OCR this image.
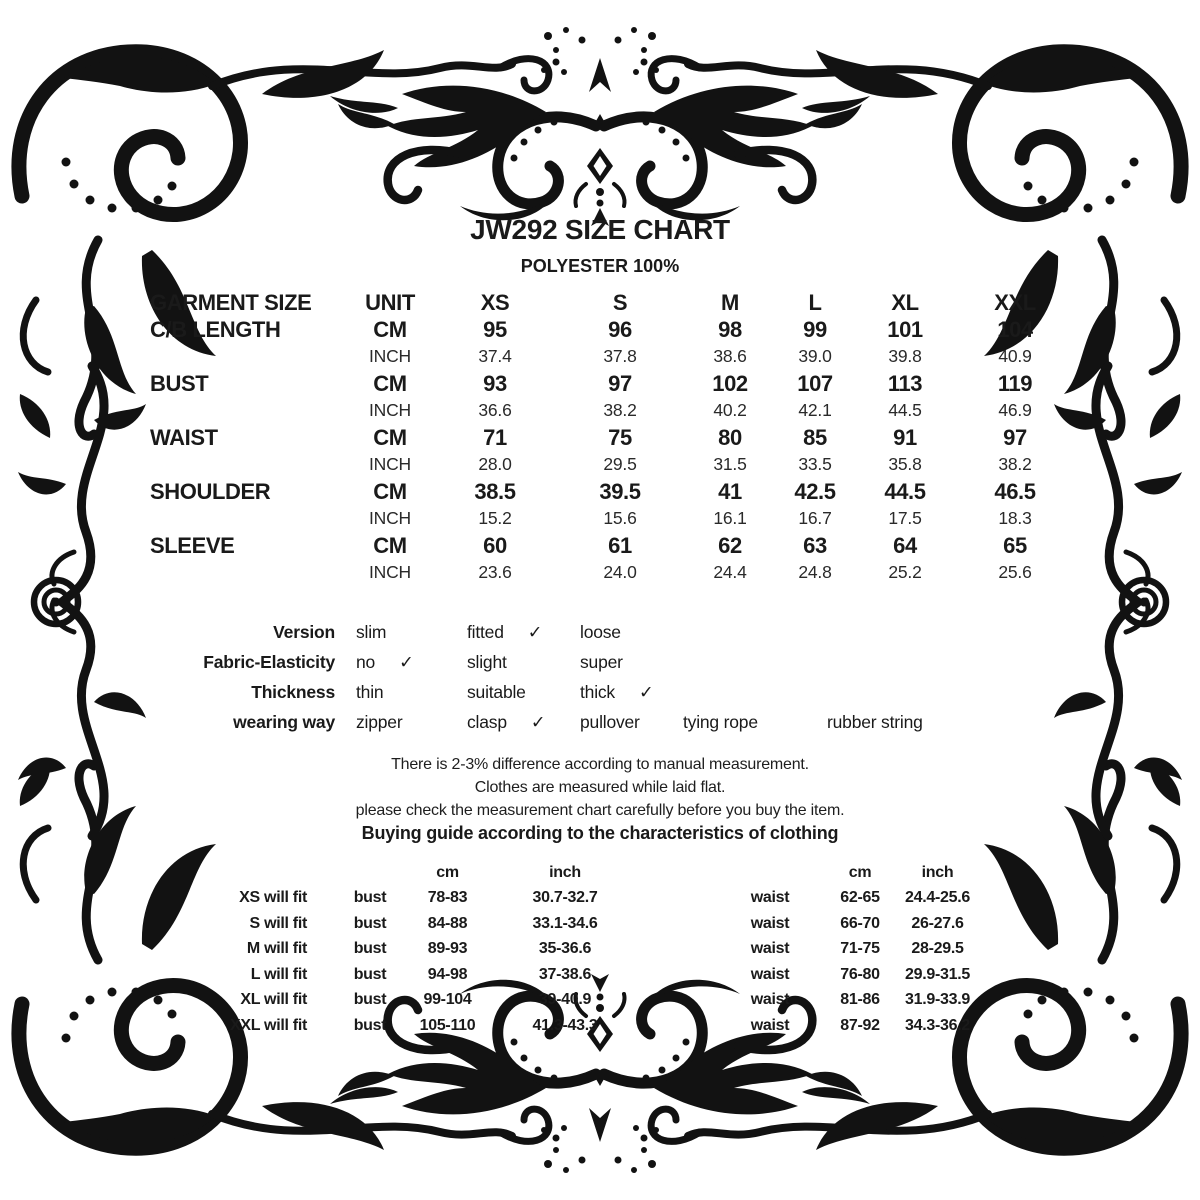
JW292 SIZE CHART
POLYESTER 100%
GARMENT SIZE	UNIT	XS	S	M	L	XL	XXL
C/B LENGTH	CM	95	96	98	99	101	104
	INCH	37.4	37.8	38.6	39.0	39.8	40.9
BUST	CM	93	97	102	107	113	119
	INCH	36.6	38.2	40.2	42.1	44.5	46.9
WAIST	CM	71	75	80	85	91	97
	INCH	28.0	29.5	31.5	33.5	35.8	38.2
SHOULDER	CM	38.5	39.5	41	42.5	44.5	46.5
	INCH	15.2	15.6	16.1	16.7	17.5	18.3
SLEEVE	CM	60	61	62	63	64	65
	INCH	23.6	24.0	24.4	24.8	25.2	25.6
Version slim	fitted ✓	loose
Fabric-Elasticity no ✓	slight	super
Thickness thin	suitable	thick ✓
wearing way zipper	clasp ✓	pullover	tying rope	rubber string
There is 2-3% difference according to manual measurement.
Clothes are measured while laid flat.
please check the measurement chart carefully before you buy the item.
Buying guide according to the characteristics of clothing
		cm	inch			cm	inch	
XS will fit	bust	78-83	30.7-32.7		waist	62-65	24.4-25.6	
S will fit	bust	84-88	33.1-34.6		waist	66-70	26-27.6	
M will fit	bust	89-93	35-36.6		waist	71-75	28-29.5	
L will fit	bust	94-98	37-38.6		waist	76-80	29.9-31.5	
XL will fit	bust	99-104	39-40.9		waist	81-86	31.9-33.9	
XXL will fit	bust	105-110	41.3-43.3		waist	87-92	34.3-36.2	
